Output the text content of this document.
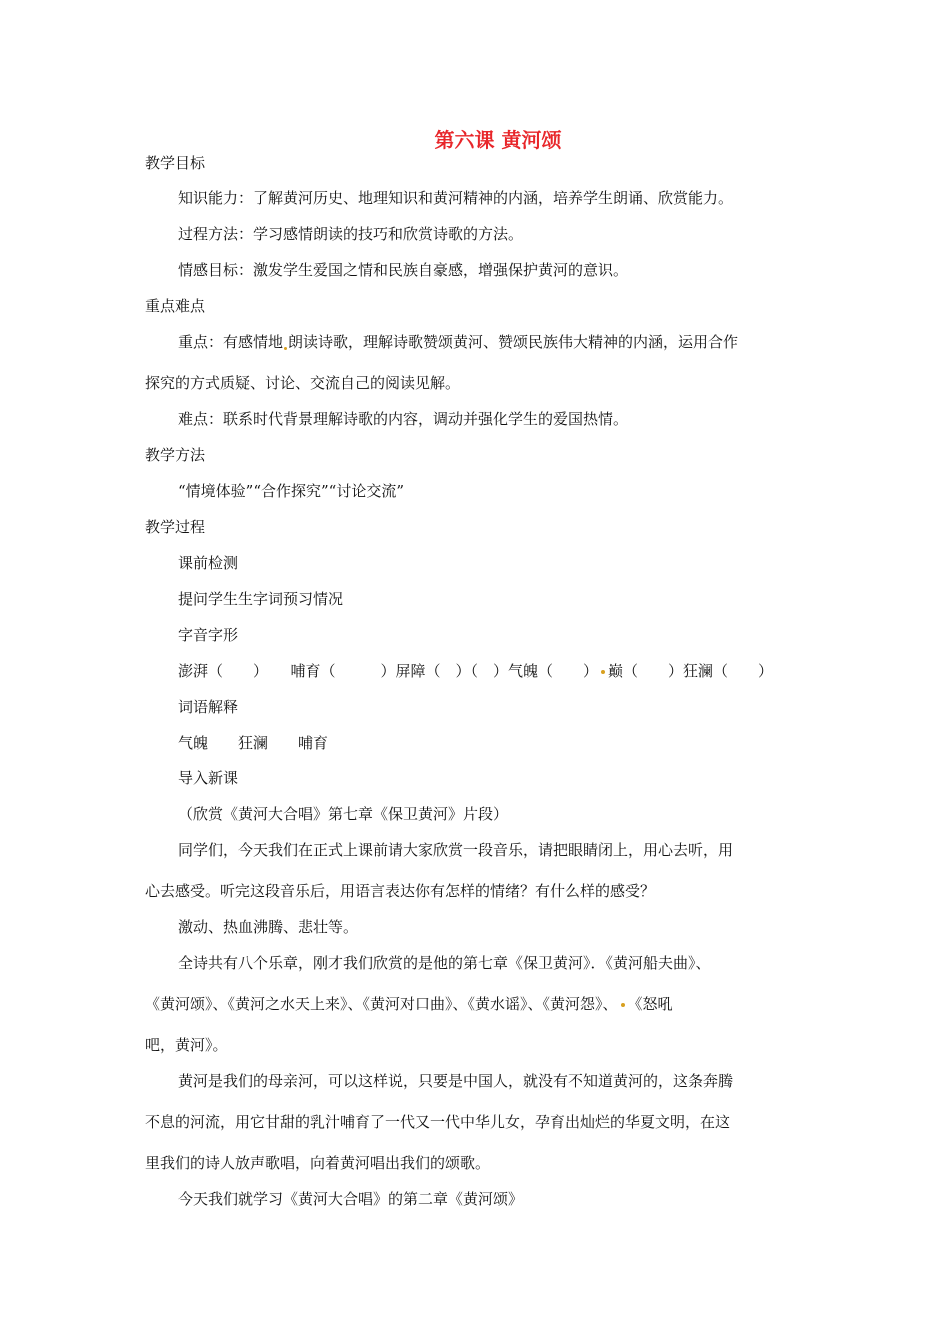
第六课 黄河颂
教学目标
知识能力：了解黄河历史、地理知识和黄河精神的内涵，培养学生朗诵、欣赏能力。
过程方法：学习感情朗读的技巧和欣赏诗歌的方法。
情感目标：激发学生爱国之情和民族自豪感，增强保护黄河的意识。
重点难点
重点：有感情地 朗读诗歌，理解诗歌赞颂黄河、赞颂民族伟大精神的内涵，运用合作
探究的方式质疑、讨论、交流自己的阅读见解。
难点：联系时代背景理解诗歌的内容，调动并强化学生的爱国热情。
教学方法
“情境体验”“合作探究”“讨论交流”
教学过程
课前检测
提问学生生字词预习情况
字音字形
澎湃（　　）　　哺育（　　　）屏障（　）（　）气魄（　　） 巅（　　）狂澜（　　）
词语解释
气魄　　狂澜　　哺育
导入新课
（欣赏《黄河大合唱》第七章《保卫黄河》片段）
同学们，今天我们在正式上课前请大家欣赏一段音乐，请把眼睛闭上，用心去听，用
心去感受。听完这段音乐后，用语言表达你有怎样的情绪？有什么样的感受？
激动、热血沸腾、悲壮等。
全诗共有八个乐章，刚才我们欣赏的是他的第七章《保卫黄河》．《黄河船夫曲》、
《黄河颂》、《黄河之水天上来》、《黄河对口曲》、《黄水谣》、《黄河怨》、 《怒吼
吧，黄河》。
黄河是我们的母亲河，可以这样说，只要是中国人，就没有不知道黄河的，这条奔腾
不息的河流，用它甘甜的乳汁哺育了一代又一代中华儿女，孕育出灿烂的华夏文明，在这
里我们的诗人放声歌唱，向着黄河唱出我们的颂歌。
今天我们就学习《黄河大合唱》的第二章《黄河颂》
